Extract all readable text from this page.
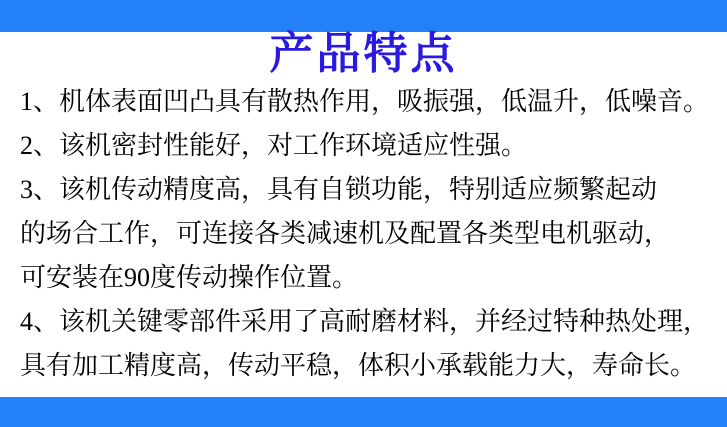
产品特点

1、机体表面凹凸具有散热作用，吸振强，低温升，低噪音。

2、该机密封性能好，对工作环境适应性强。

3、该机传动精度高，具有自锁功能，特别适应频繁起动

的场合工作，可连接各类减速机及配置各类型电机驱动，

可安装在90度传动操作位置。

4、该机关键零部件采用了高耐磨材料，并经过特种热处理，

具有加工精度高，传动平稳，体积小承载能力大，寿命长。
